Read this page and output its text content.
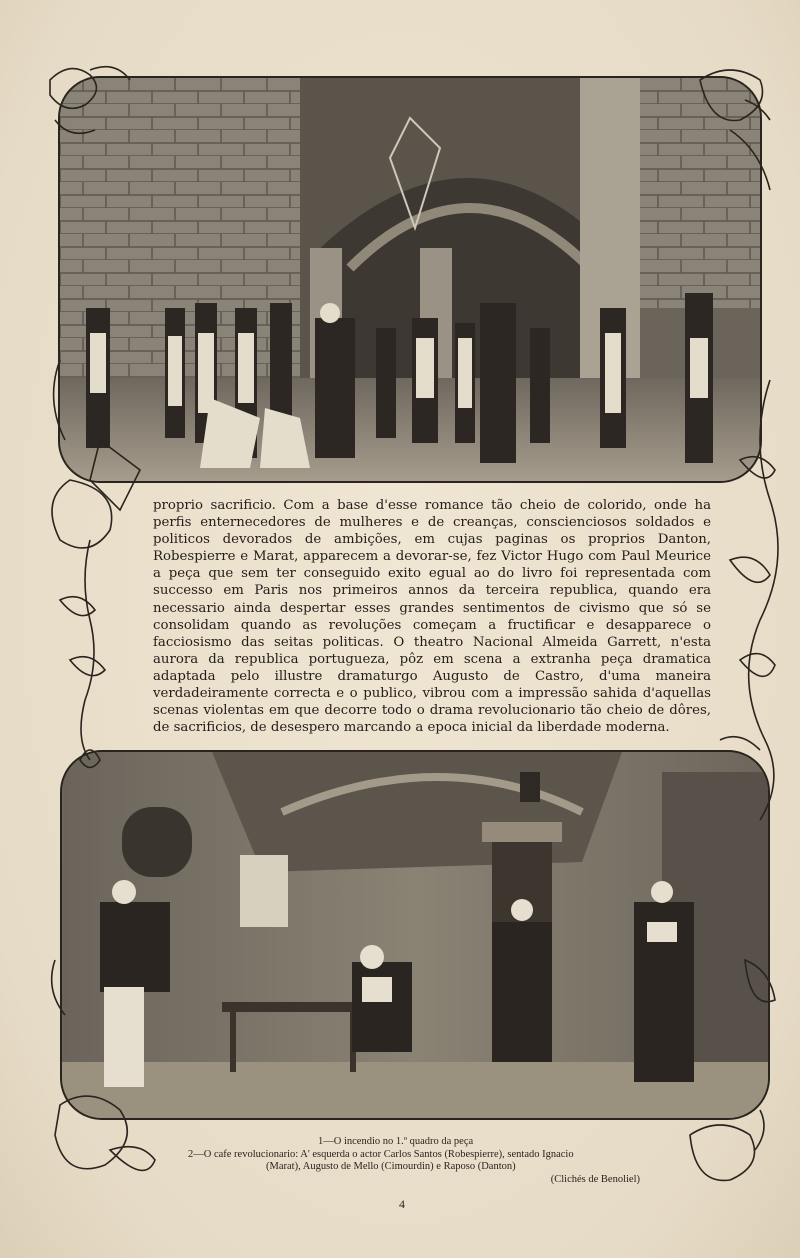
proprio sacrificio. Com a base d'esse romance tão cheio de colorido, onde ha perfis enternecedores de mulheres e de creanças, conscienciosos soldados e politicos devorados de ambições, em cujas paginas os proprios Danton, Robespierre e Marat, apparecem a devorar-se, fez Victor Hugo com Paul Meurice a peça que sem ter conseguido exito egual ao do livro foi representada com successo em Paris nos primeiros annos da terceira republica, quando era necessario ainda despertar esses grandes sentimentos de civismo que só se consolidam quando as revoluções começam a fructificar e desapparece o facciosismo das seitas politicas. O theatro Nacional Almeida Garrett, n'esta aurora da republica portugueza, pôz em scena a extranha peça dramatica adaptada pelo illustre dramaturgo Augusto de Castro, d'uma maneira verdadeiramente correcta e o publico, vibrou com a impressão sahida d'aquellas scenas violentas em que decorre todo o drama revolucionario tão cheio de dôres, de sacrificios, de desespero marcando a epoca inicial da liberdade moderna.

1—O incendio no 1.º quadro da peça
2—O cafe revolucionario: A' esquerda o actor Carlos Santos (Robespierre), sentado Ignacio
(Marat), Augusto de Mello (Cimourdin) e Raposo (Danton)
(Clichés de Benoliel)
4
